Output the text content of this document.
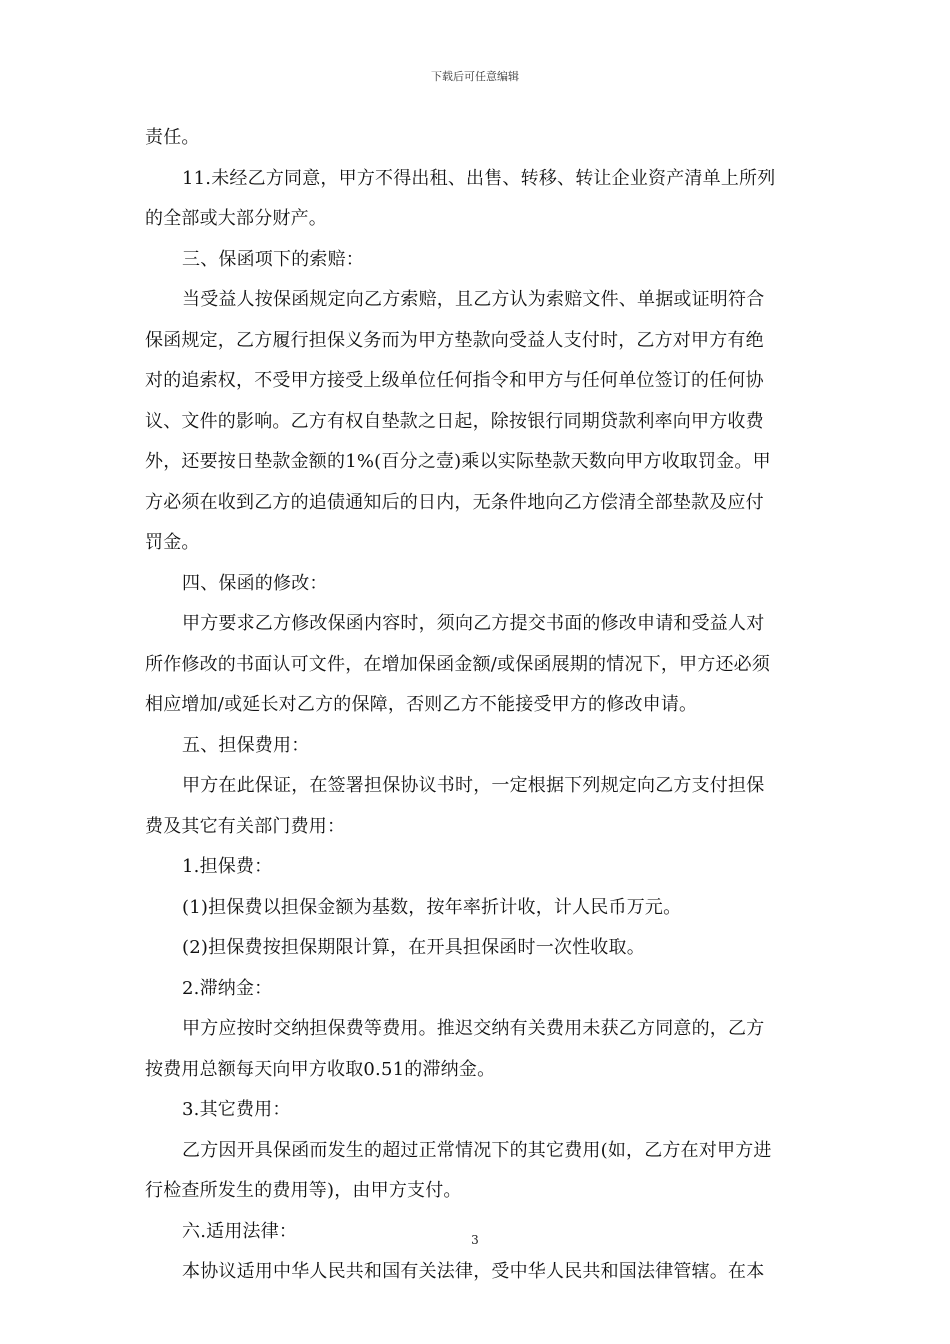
下载后可任意编辑
责任。
11.未经乙方同意，甲方不得出租、出售、转移、转让企业资产清单上所列
的全部或大部分财产。
三、保函项下的索赔：
当受益人按保函规定向乙方索赔，且乙方认为索赔文件、单据或证明符合
保函规定，乙方履行担保义务而为甲方垫款向受益人支付时，乙方对甲方有绝
对的追索权，不受甲方接受上级单位任何指令和甲方与任何单位签订的任何协
议、文件的影响。乙方有权自垫款之日起，除按银行同期贷款利率向甲方收费
外，还要按日垫款金额的1%(百分之壹)乘以实际垫款天数向甲方收取罚金。甲
方必须在收到乙方的追债通知后的日内，无条件地向乙方偿清全部垫款及应付
罚金。
四、保函的修改：
甲方要求乙方修改保函内容时，须向乙方提交书面的修改申请和受益人对
所作修改的书面认可文件，在增加保函金额/或保函展期的情况下，甲方还必须
相应增加/或延长对乙方的保障，否则乙方不能接受甲方的修改申请。
五、担保费用：
甲方在此保证，在签署担保协议书时，一定根据下列规定向乙方支付担保
费及其它有关部门费用：
1.担保费：
(1)担保费以担保金额为基数，按年率折计收，计人民币万元。
(2)担保费按担保期限计算，在开具担保函时一次性收取。
2.滞纳金：
甲方应按时交纳担保费等费用。推迟交纳有关费用未获乙方同意的，乙方
按费用总额每天向甲方收取0.51的滞纳金。
3.其它费用：
乙方因开具保函而发生的超过正常情况下的其它费用(如，乙方在对甲方进
行检查所发生的费用等)，由甲方支付。
六.适用法律：
本协议适用中华人民共和国有关法律，受中华人民共和国法律管辖。在本
3
